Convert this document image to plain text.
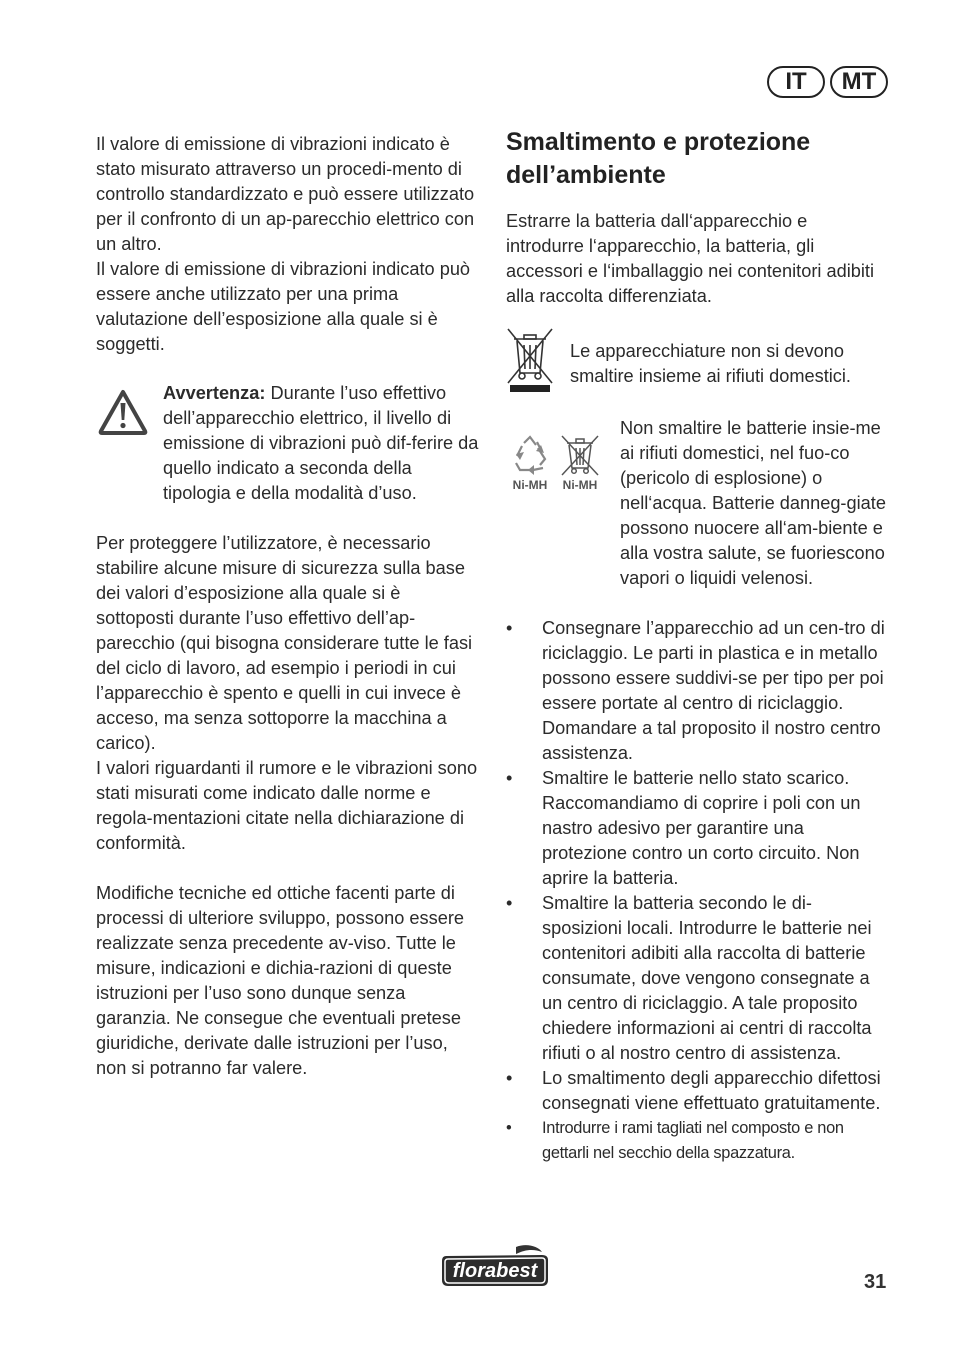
IT MT

Il valore di emissione di vibrazioni indicato è stato misurato attraverso un procedi-mento di controllo standardizzato e può essere utilizzato per il confronto di un ap-parecchio elettrico con un altro.

Il valore di emissione di vibrazioni indicato può essere anche utilizzato per una prima valutazione dell’esposizione alla quale si è soggetti.

Avvertenza: Durante l’uso effettivo dell’apparecchio elettrico, il livello di emissione di vibrazioni può dif-ferire da quello indicato a seconda della tipologia e della modalità d’uso.

Per proteggere l’utilizzatore, è necessario stabilire alcune misure di sicurezza sulla base dei valori d’esposizione alla quale si è sottoposti durante l’uso effettivo dell’ap-parecchio (qui bisogna considerare tutte le fasi del ciclo di lavoro, ad esempio i periodi in cui l’apparecchio è spento e quelli in cui invece è acceso, ma senza sottoporre la macchina a carico).

I valori riguardanti il rumore e le vibrazioni sono stati misurati come indicato dalle norme e regola-mentazioni citate nella dichiarazione di conformità.

Modifiche tecniche ed ottiche facenti parte di processi di ulteriore sviluppo, possono essere realizzate senza precedente av-viso. Tutte le misure, indicazioni e dichia-razioni di queste istruzioni per l’uso sono dunque senza garanzia. Ne consegue che eventuali pretese giuridiche, derivate dalle istruzioni per l’uso, non si potranno far valere.

Smaltimento e protezione dell’ambiente

Estrarre la batteria dall‘apparecchio e introdurre l‘apparecchio, la batteria, gli accessori e l‘imballaggio nei contenitori adibiti alla raccolta differenziata.

Le apparecchiature non si devono smaltire insieme ai rifiuti domestici.
Ni-MH Ni-MH
Non smaltire le batterie insie-me ai rifiuti domestici, nel fuo-co (pericolo di esplosione) o nell‘acqua. Batterie danneg-giate possono nuocere all‘am-biente e alla vostra salute, se fuoriescono vapori o liquidi velenosi.
• Consegnare l’apparecchio ad un cen-tro di riciclaggio. Le parti in plastica e in metallo possono essere suddivi-se per tipo per poi essere portate al centro di riciclaggio. Domandare a tal proposito il nostro centro assistenza.
• Smaltire le batterie nello stato scarico. Raccomandiamo di coprire i poli con un nastro adesivo per garantire una protezione contro un corto circuito. Non aprire la batteria.
• Smaltire la batteria secondo le di-sposizioni locali. Introdurre le batterie nei contenitori adibiti alla raccolta di batterie consumate, dove vengono consegnate a un centro di riciclaggio. A tale proposito chiedere informazioni ai centri di raccolta rifiuti o al nostro centro di assistenza.
• Lo smaltimento degli apparecchio difettosi consegnati viene effettuato gratuitamente.
• Introdurre i rami tagliati nel composto e non gettarli nel secchio della spazzatura.
florabest	31
